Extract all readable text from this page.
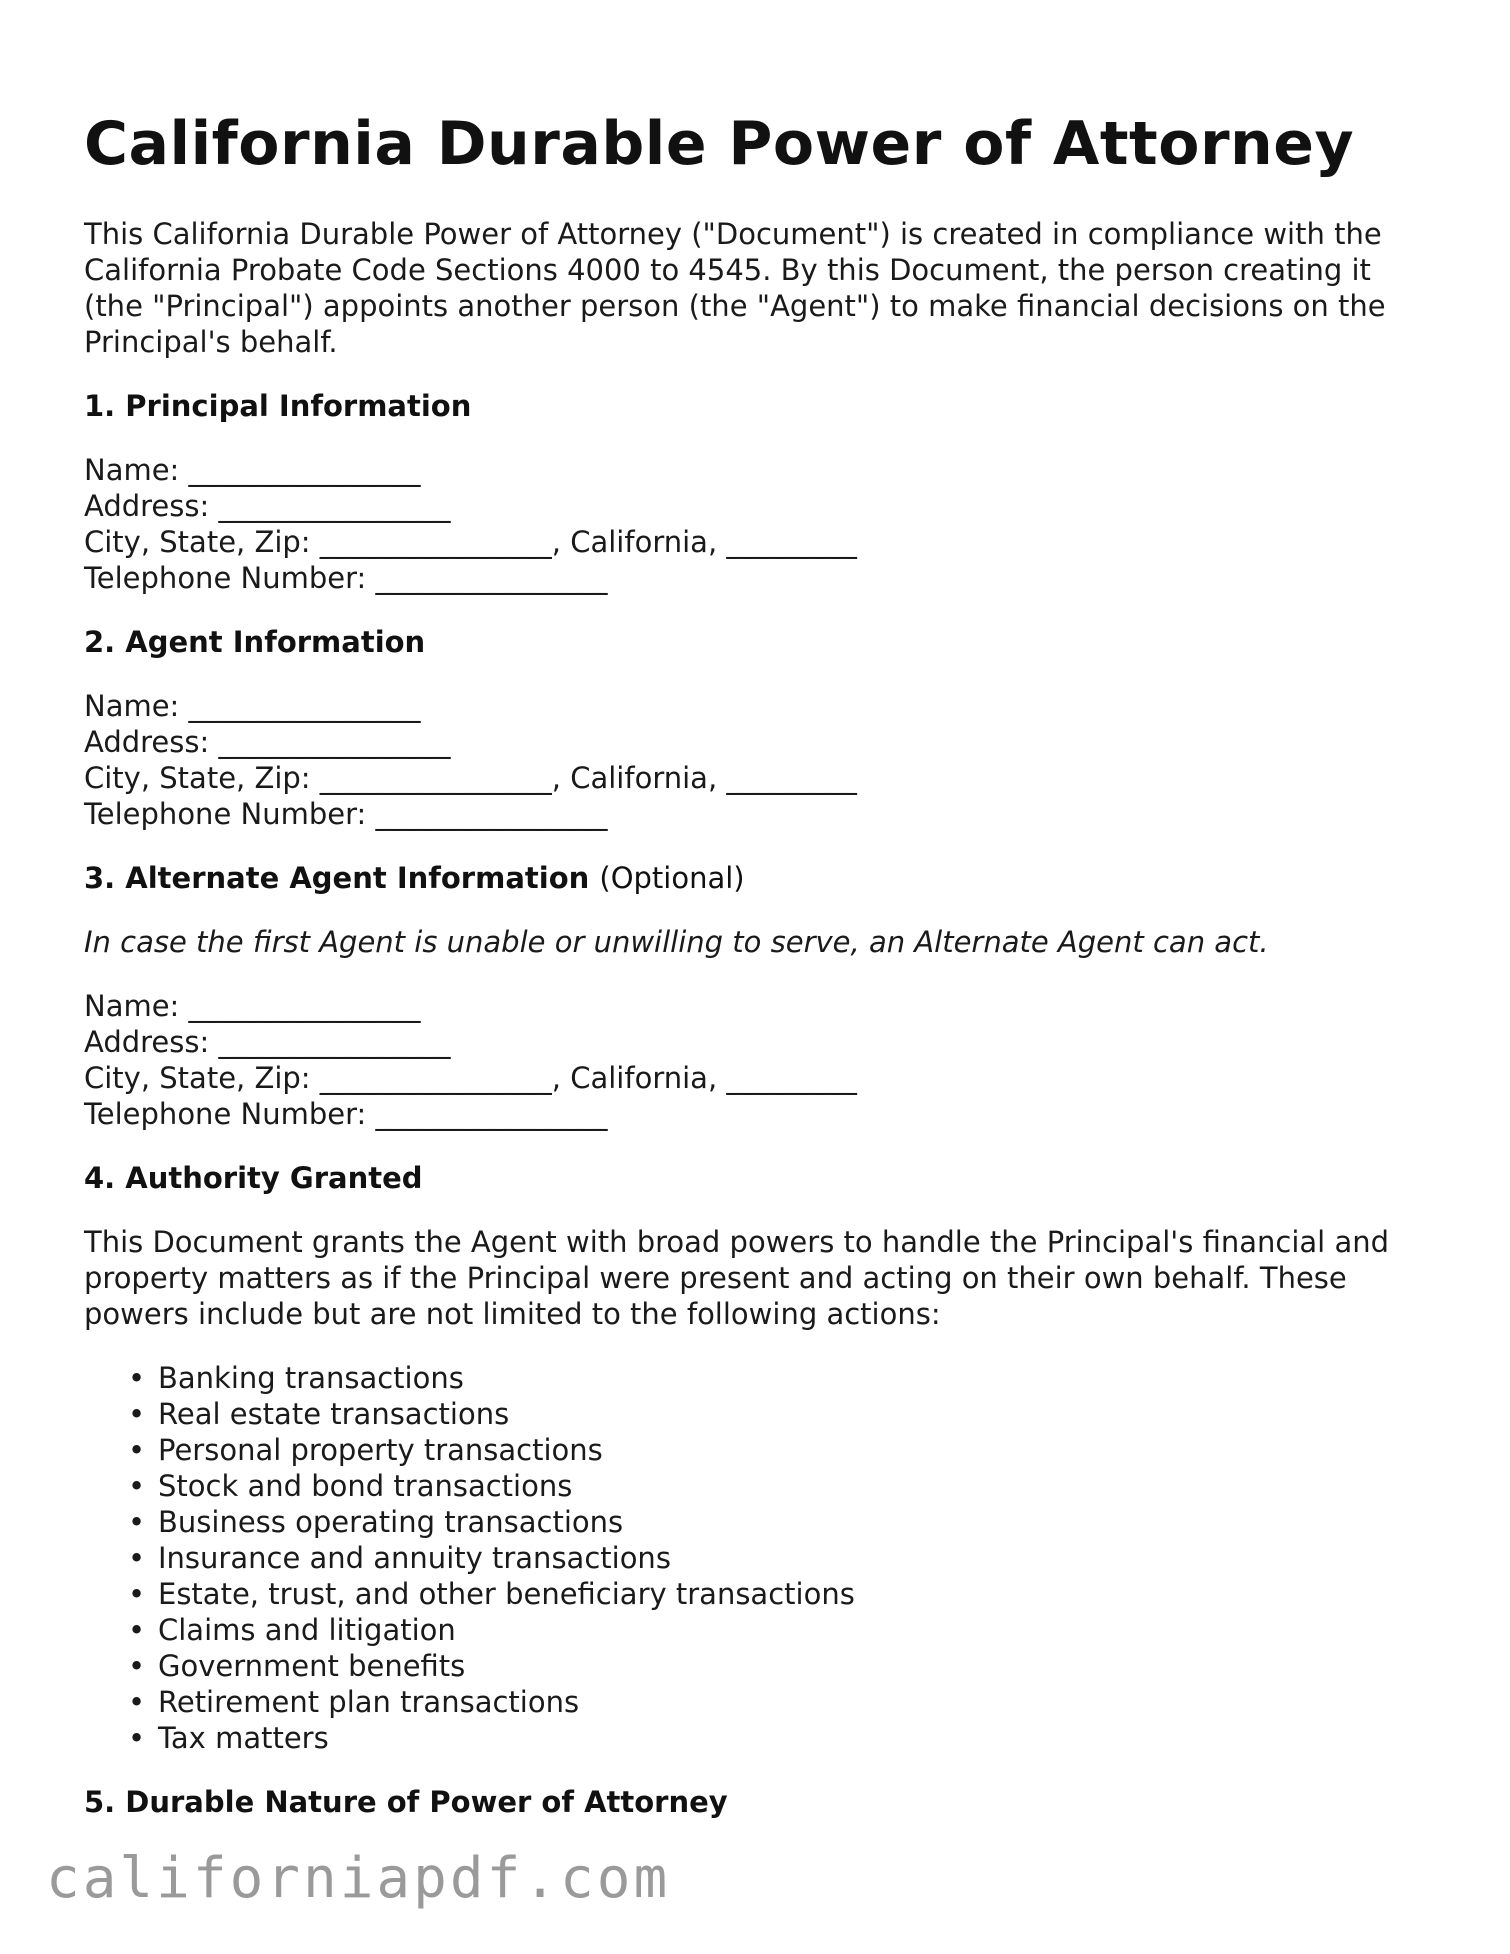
California Durable Power of Attorney

This California Durable Power of Attorney ("Document") is created in compliance with the California Probate Code Sections 4000 to 4545. By this Document, the person creating it (the "Principal") appoints another person (the "Agent") to make financial decisions on the Principal's behalf.

1. Principal Information
Name: ________________
Address: ________________
City, State, Zip: ________________, California, _________
Telephone Number: ________________
2. Agent Information
Name: ________________
Address: ________________
City, State, Zip: ________________, California, _________
Telephone Number: ________________
3. Alternate Agent Information (Optional)

In case the first Agent is unable or unwilling to serve, an Alternate Agent can act.

Name: ________________
Address: ________________
City, State, Zip: ________________, California, _________
Telephone Number: ________________
4. Authority Granted

This Document grants the Agent with broad powers to handle the Principal's financial and property matters as if the Principal were present and acting on their own behalf. These powers include but are not limited to the following actions:

• Banking transactions
• Real estate transactions
• Personal property transactions
• Stock and bond transactions
• Business operating transactions
• Insurance and annuity transactions
• Estate, trust, and other beneficiary transactions
• Claims and litigation
• Government benefits
• Retirement plan transactions
• Tax matters
5. Durable Nature of Power of Attorney
californiapdf.com
